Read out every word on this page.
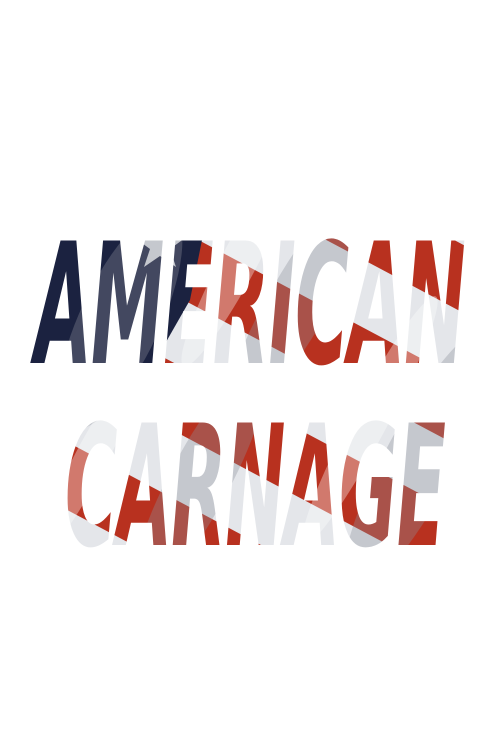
AMERICAN
CARNAGE
